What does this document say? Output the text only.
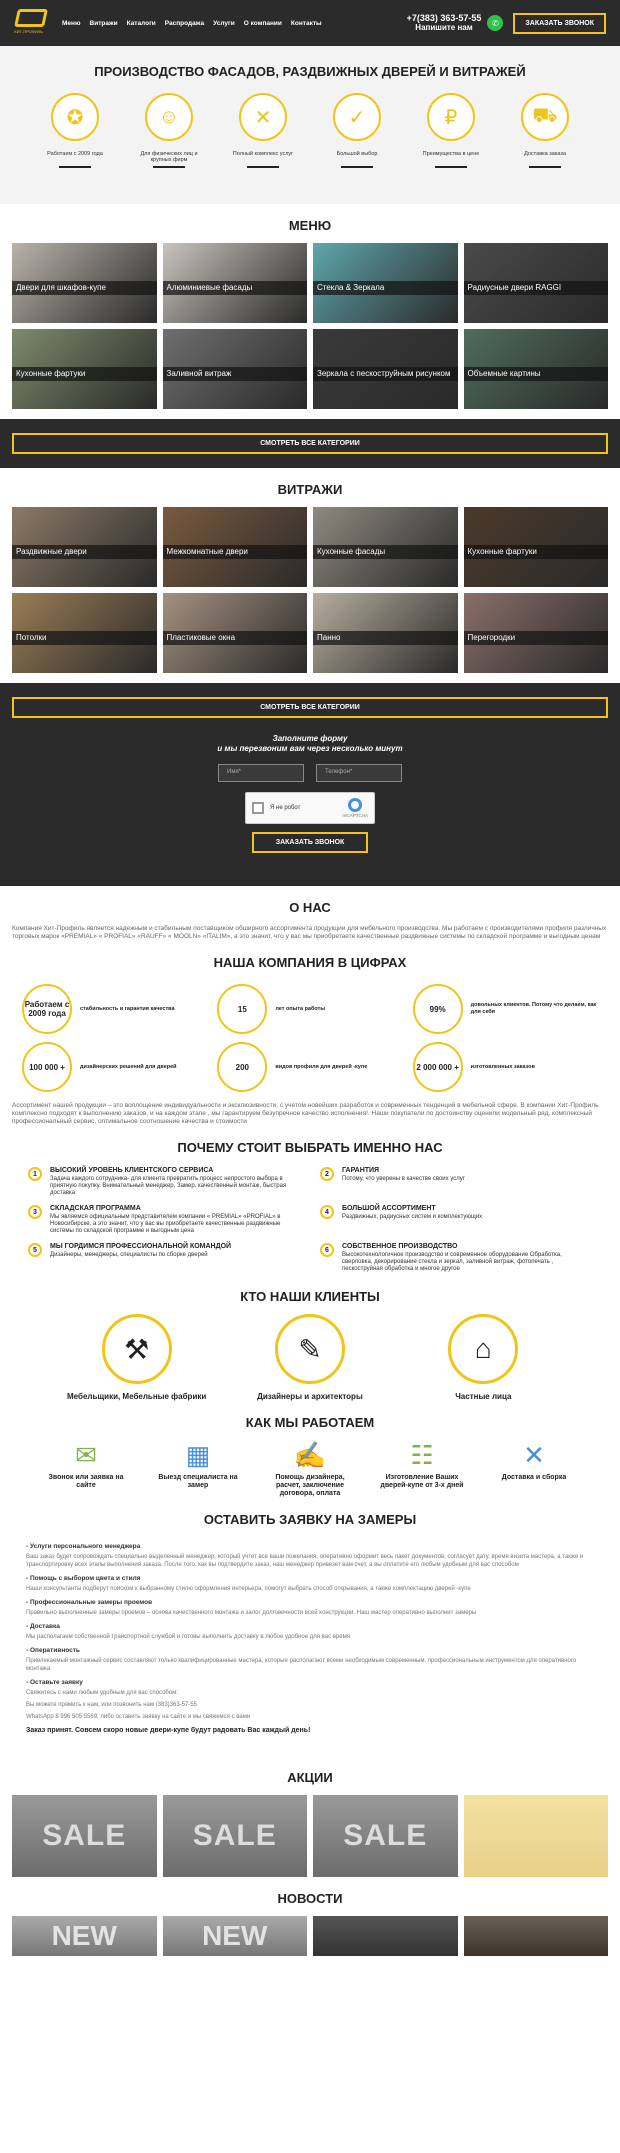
ХИТ-ПРОФИЛЬ
Меню Витражи Каталоги Распродажа Услуги О компании Контакты	+7(383) 363-57-55
Напишите нам	✆	ЗАКАЗАТЬ ЗВОНОК
ПРОИЗВОДСТВО ФАСАДОВ, РАЗДВИЖНЫХ ДВЕРЕЙ И ВИТРАЖЕЙ
✪
Работаем с 2009 года
☺
Для физических лиц и крупных фирм
✕
Полный комплекс услуг
✓
Большой выбор
₽
Преимущества в цене
⛟
Доставка заказа
МЕНЮ
Двери для шкафов-купе	Алюминиевые фасады	Стекла & Зеркала	Радиусные двери RAGGI
Кухонные фартуки	Заливной витраж	Зеркала с пескоструйным рисунком	Объемные картины
СМОТРЕТЬ ВСЕ КАТЕГОРИИ
ВИТРАЖИ
Раздвижные двери	Межкомнатные двери	Кухонные фасады	Кухонные фартуки
Потолки	Пластиковые окна	Панно	Перегородки
СМОТРЕТЬ ВСЕ КАТЕГОРИИ
Заполните форму
и мы перезвоним вам через несколько минут
Имя*	Телефон*
Я не робот
reCAPTCHA
ЗАКАЗАТЬ ЗВОНОК
О НАС
Компания Хит-Профиль является надежным и стабильным поставщиком обширного ассортимента продукции для мебельного производства. Мы работаем с производителями профиля различных торговых марок «PREMIAL» « PROFIAL» «RAUFF» « MOOLN» «ITALIM», а это значит, что у вас мы приобретаете качественные раздвижные системы по складской программе и выгодным ценам
НАША КОМПАНИЯ В ЦИФРАХ
Работаем с 2009 года
стабильность и гарантия качества	15	лет опыта работы	99%	довольных клиентов. Потому что делаем, как для себя
100 000 +	дизайнерских решений для дверей	200	видов профиля для дверей -купе	2 000 000 +	изготовленных заказов
Ассортимент нашей продукции – это воплощение индивидуальности и эксклюзивности, с учетом новейших разработок и современных тенденций в мебельной сфере. В компании Хит-Профиль комплексно подходят к выполнению заказов, и на каждом этапе , мы гарантируем безупречное качество исполнения!. Наши покупатели по достоинству оценили модельный ряд, комплексный профессиональный сервис, оптимальное соотношение качества и стоимости
ПОЧЕМУ СТОИТ ВЫБРАТЬ ИМЕННО НАС
1	ВЫСОКИЙ УРОВЕНЬ КЛИЕНТСКОГО СЕРВИСА
Задача каждого сотрудника- для клиента превратить процесс непростого выбора в приятную покупку. Внимательный менеджер, Замер, качественный монтаж, быстрая доставка
2	ГАРАНТИЯ
Потому, что уверены в качестве своих услуг
3	СКЛАДСКАЯ ПРОГРАММА
Мы являемся официальным представителем компании « PREMIAL» «PROFIAL» в Новосибирске, а это значит, что у вас вы приобретаете качественные раздвижные системы по складской программе и выгодным цена
4	БОЛЬШОЙ АССОРТИМЕНТ
Раздвижных, радиусных систем и комплектующих
5	МЫ ГОРДИМСЯ ПРОФЕССИОНАЛЬНОЙ КОМАНДОЙ
Дизайнеры, менеджеры, специалисты по сборке дверей
6	СОБСТВЕННОЕ ПРОИЗВОДСТВО
Высокотехнологичное производство и современное оборудование Обработка, сверловка, декорирование стекла и зеркал, заливной витраж, фотопечать , пескоструйная обработка и многое другое
КТО НАШИ КЛИЕНТЫ
⚒
Мебельщики, Мебельные фабрики
✎
Дизайнеры и архитекторы
⌂
Частные лица
КАК МЫ РАБОТАЕМ
✉
Звонок или заявка на сайте
▦
Выезд специалиста на замер
✍
Помощь дизайнера, расчет, заключение договора, оплата
☷
Изготовление Ваших дверей-купе от 3-х дней
✕
Доставка и сборка
ОСТАВИТЬ ЗАЯВКУ НА ЗАМЕРЫ
- Услуги персонального менеджера
Ваш заказ будет сопровождать специально выделенный менеджер, который учтет все ваши пожелания, оперативно оформит весь пакет документов, согласует дату, время визита мастера, а также и транспортировку всех этапы выполнения заказа. После того, как вы подтвердите заказ, наш менеджер привезет вам счет, а вы оплатите его любым удобным для вас способом
- Помощь с выбором цвета и стиля
Наши консультанты подберут поиском к выбранному стилю оформления интерьера, помогут выбрать способ открывания, а также комплектацию дверей -купе
- Профессиональные замеры проемов
Правильно выполненные замеры проемов – основа качественного монтажа и залог долговечности всей конструкции. Наш мастер оперативно выполнит замеры
- Доставка
Мы располагаем собственной транспортной службой и готовы выполнить доставку в любое удобное для вас время
- Оперативность
Привлекаемый монтажный сервис составляют только квалифицированные мастера, которые располагают всеми необходимым современным, профессиональным инструментом для оперативного монтажа
- Оставьте заявку
Свяжитесь с нами любым удобным для вас способом:
Вы можете прямить к нам, или позвонить нам (383)363-57-55
WhatsApp 8 996 505 5569, либо оставить заявку на сайте и мы свяжемся с вами
Заказ принят. Совсем скоро новые двери-купе будут радовать Вас каждый день!
АКЦИИ
SALE	SALE	SALE
НОВОСТИ
NEW	NEW
